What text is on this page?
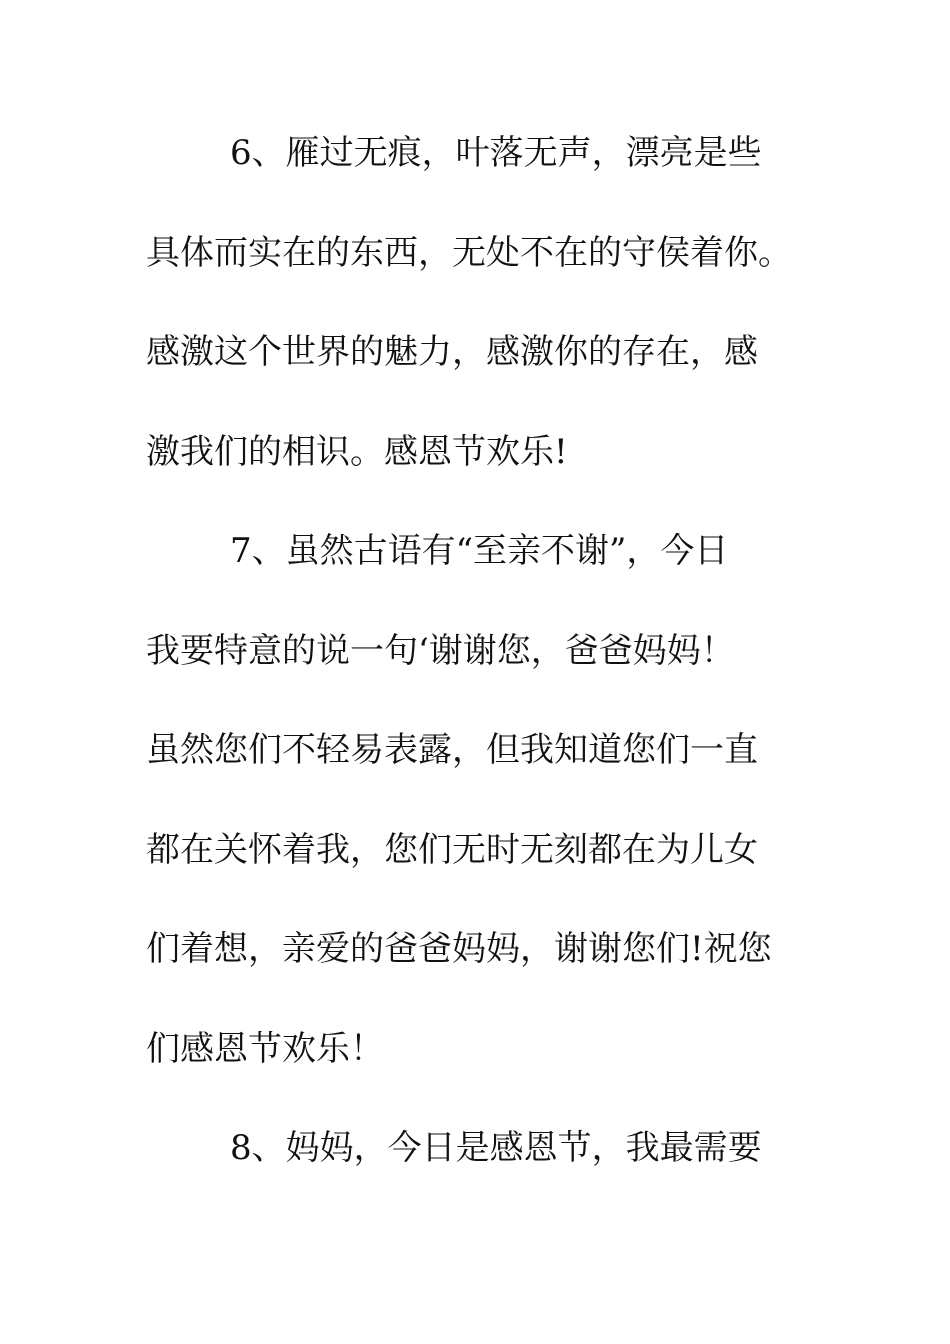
6、雁过无痕，叶落无声，漂亮是些
具体而实在的东西，无处不在的守侯着你。
感激这个世界的魅力，感激你的存在，感
激我们的相识。感恩节欢乐!
7、虽然古语有“至亲不谢”，今日
我要特意的说一句‘谢谢您，爸爸妈妈！
虽然您们不轻易表露，但我知道您们一直
都在关怀着我，您们无时无刻都在为儿女
们着想，亲爱的爸爸妈妈，谢谢您们!祝您
们感恩节欢乐！
8、妈妈，今日是感恩节，我最需要
